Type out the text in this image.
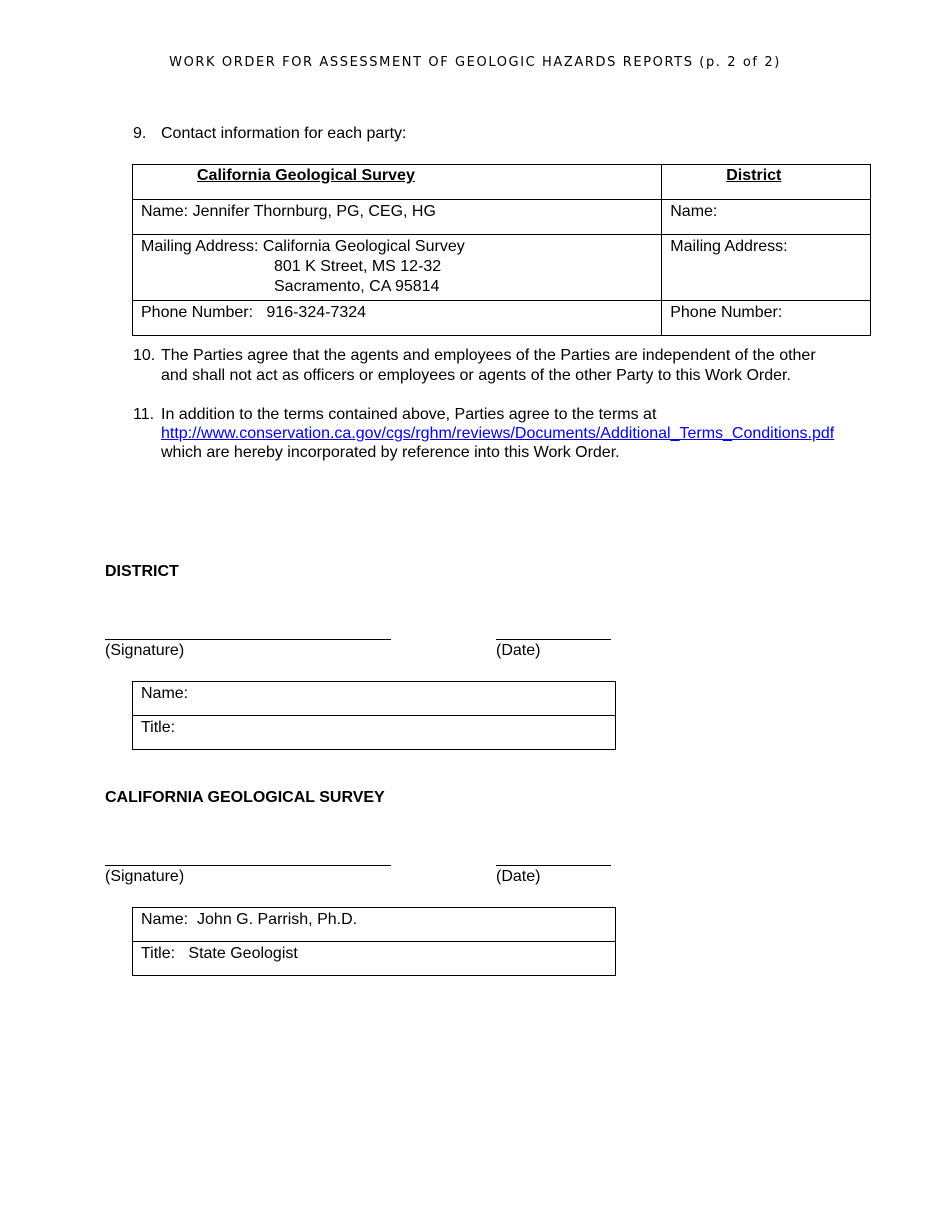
WORK ORDER FOR ASSESSMENT OF GEOLOGIC HAZARDS REPORTS (p. 2 of 2)
9. Contact information for each party:
California Geological Survey	District
Name: Jennifer Thornburg, PG, CEG, HG	Name:

Mailing Address: California Geological Survey
801 K Street, MS 12-32
Sacramento, CA 95814	Mailing Address:
Phone Number:   916-324-7324	Phone Number:
10. The Parties agree that the agents and employees of the Parties are independent of the other
and shall not act as officers or employees or agents of the other Party to this Work Order.
11. In addition to the terms contained above, Parties agree to the terms at
http://www.conservation.ca.gov/cgs/rghm/reviews/Documents/Additional_Terms_Conditions.pdf
which are hereby incorporated by reference into this Work Order.
DISTRICT
(Signature)	(Date)
Name:
Title:
CALIFORNIA GEOLOGICAL SURVEY
(Signature)	(Date)
Name:  John G. Parrish, Ph.D.
Title:   State Geologist
